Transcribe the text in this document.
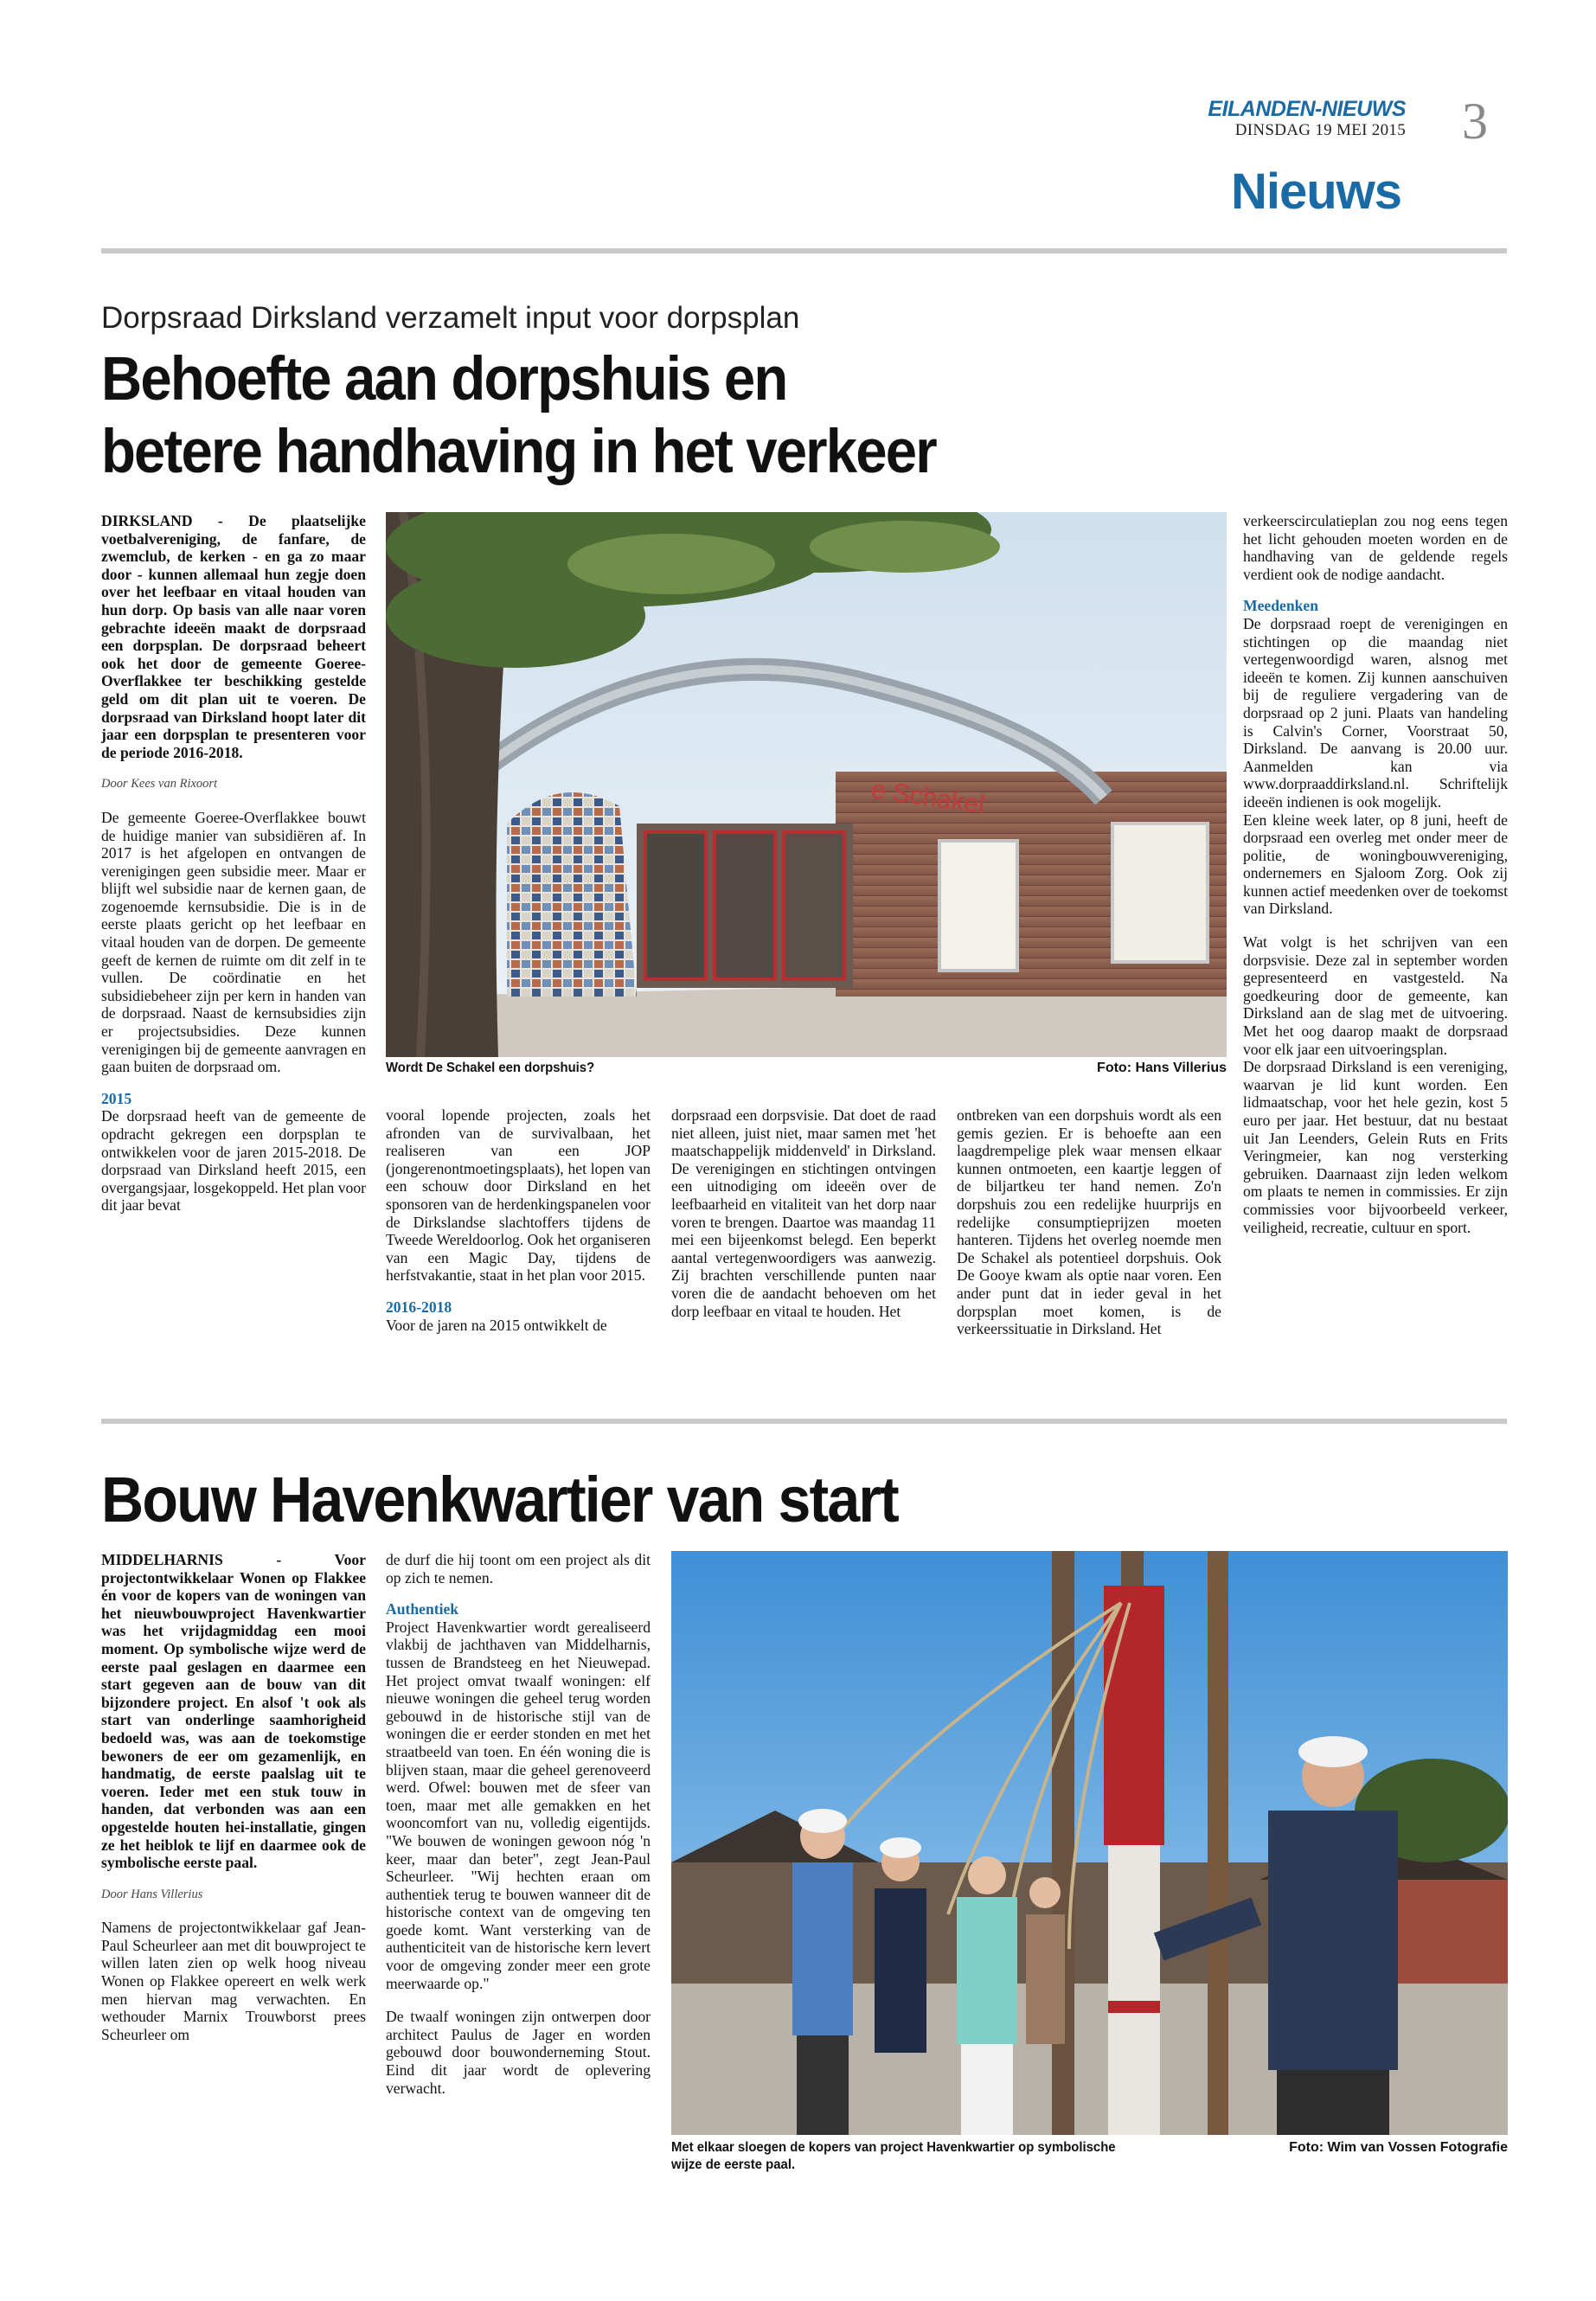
EILANDEN-NIEUWS
DINSDAG 19 MEI 2015 3
Nieuws
Dorpsraad Dirksland verzamelt input voor dorpsplan
Behoefte aan dorpshuis en
betere handhaving in het verkeer

DIRKSLAND - De plaatselijke voetbalvereniging, de fanfare, de zwemclub, de kerken - en ga zo maar door - kunnen allemaal hun zegje doen over het leefbaar en vitaal houden van hun dorp. Op basis van alle naar voren gebrachte ideeën maakt de dorpsraad een dorpsplan. De dorpsraad beheert ook het door de gemeente Goeree-Overflakkee ter beschikking gestelde geld om dit plan uit te voeren. De dorpsraad van Dirksland hoopt later dit jaar een dorpsplan te presenteren voor de periode 2016-2018.

Door Kees van Rixoort

De gemeente Goeree-Overflakkee bouwt de huidige manier van subsidiëren af. In 2017 is het afgelopen en ontvangen de verenigingen geen subsidie meer. Maar er blijft wel subsidie naar de kernen gaan, de zogenoemde kernsubsidie. Die is in de eerste plaats gericht op het leefbaar en vitaal houden van de dorpen. De gemeente geeft de kernen de ruimte om dit zelf in te vullen. De coördinatie en het subsidiebeheer zijn per kern in handen van de dorpsraad. Naast de kernsubsidies zijn er projectsubsidies. Deze kunnen verenigingen bij de gemeente aanvragen en gaan buiten de dorpsraad om.

2015

De dorpsraad heeft van de gemeente de opdracht gekregen een dorpsplan te ontwikkelen voor de jaren 2015-2018. De dorpsraad van Dirksland heeft 2015, een overgangsjaar, losgekoppeld. Het plan voor dit jaar bevat

e Schakel
Wordt De Schakel een dorpshuis?	Foto: Hans Villerius

vooral lopende projecten, zoals het afronden van de survivalbaan, het realiseren van een JOP (jongerenontmoetingsplaats), het lopen van een schouw door Dirksland en het sponsoren van de herdenkingspanelen voor de Dirkslandse slachtoffers tijdens de Tweede Wereldoorlog. Ook het organiseren van een Magic Day, tijdens de herfstvakantie, staat in het plan voor 2015.

2016-2018

Voor de jaren na 2015 ontwikkelt de

dorpsraad een dorpsvisie. Dat doet de raad niet alleen, juist niet, maar samen met 'het maatschappelijk middenveld' in Dirksland. De verenigingen en stichtingen ontvingen een uitnodiging om ideeën over de leefbaarheid en vitaliteit van het dorp naar voren te brengen. Daartoe was maandag 11 mei een bijeenkomst belegd. Een beperkt aantal vertegenwoordigers was aanwezig. Zij brachten verschillende punten naar voren die de aandacht behoeven om het dorp leefbaar en vitaal te houden. Het

ontbreken van een dorpshuis wordt als een gemis gezien. Er is behoefte aan een laagdrempelige plek waar mensen elkaar kunnen ontmoeten, een kaartje leggen of de biljartkeu ter hand nemen. Zo'n dorpshuis zou een redelijke huurprijs en redelijke consumptieprijzen moeten hanteren. Tijdens het overleg noemde men De Schakel als potentieel dorpshuis. Ook De Gooye kwam als optie naar voren. Een ander punt dat in ieder geval in het dorpsplan moet komen, is de verkeerssituatie in Dirksland. Het

verkeerscirculatieplan zou nog eens tegen het licht gehouden moeten worden en de handhaving van de geldende regels verdient ook de nodige aandacht.

Meedenken

De dorpsraad roept de verenigingen en stichtingen op die maandag niet vertegenwoordigd waren, alsnog met ideeën te komen. Zij kunnen aanschuiven bij de reguliere vergadering van de dorpsraad op 2 juni. Plaats van handeling is Calvin's Corner, Voorstraat 50, Dirksland. De aanvang is 20.00 uur. Aanmelden kan via www.dorpraaddirksland.nl. Schriftelijk ideeën indienen is ook mogelijk.

Een kleine week later, op 8 juni, heeft de dorpsraad een overleg met onder meer de politie, de woningbouwvereniging, ondernemers en Sjaloom Zorg. Ook zij kunnen actief meedenken over de toekomst van Dirksland.

Wat volgt is het schrijven van een dorpsvisie. Deze zal in september worden gepresenteerd en vastgesteld. Na goedkeuring door de gemeente, kan Dirksland aan de slag met de uitvoering. Met het oog daarop maakt de dorpsraad voor elk jaar een uitvoeringsplan.

De dorpsraad Dirksland is een vereniging, waarvan je lid kunt worden. Een lidmaatschap, voor het hele gezin, kost 5 euro per jaar. Het bestuur, dat nu bestaat uit Jan Leenders, Gelein Ruts en Frits Veringmeier, kan nog versterking gebruiken. Daarnaast zijn leden welkom om plaats te nemen in commissies. Er zijn commissies voor bijvoorbeeld verkeer, veiligheid, recreatie, cultuur en sport.

Bouw Havenkwartier van start

MIDDELHARNIS - Voor projectontwikkelaar Wonen op Flakkee én voor de kopers van de woningen van het nieuwbouwproject Havenkwartier was het vrijdagmiddag een mooi moment. Op symbolische wijze werd de eerste paal geslagen en daarmee een start gegeven aan de bouw van dit bijzondere project. En alsof 't ook als start van onderlinge saamhorigheid bedoeld was, was aan de toekomstige bewoners de eer om gezamenlijk, en handmatig, de eerste paalslag uit te voeren. Ieder met een stuk touw in handen, dat verbonden was aan een opgestelde houten hei-installatie, gingen ze het heiblok te lijf en daarmee ook de symbolische eerste paal.

Door Hans Villerius

Namens de projectontwikkelaar gaf Jean-Paul Scheurleer aan met dit bouwproject te willen laten zien op welk hoog niveau Wonen op Flakkee opereert en welk werk men hiervan mag verwachten. En wethouder Marnix Trouwborst prees Scheurleer om

de durf die hij toont om een project als dit op zich te nemen.

Authentiek

Project Havenkwartier wordt gerealiseerd vlakbij de jachthaven van Middelharnis, tussen de Brandsteeg en het Nieuwepad. Het project omvat twaalf woningen: elf nieuwe woningen die geheel terug worden gebouwd in de historische stijl van de woningen die er eerder stonden en met het straatbeeld van toen. En één woning die is blijven staan, maar die geheel gerenoveerd werd. Ofwel: bouwen met de sfeer van toen, maar met alle gemakken en het wooncomfort van nu, volledig eigentijds. "We bouwen de woningen gewoon nóg 'n keer, maar dan beter", zegt Jean-Paul Scheurleer. "Wij hechten eraan om authentiek terug te bouwen wanneer dit de historische context van de omgeving ten goede komt. Want versterking van de authenticiteit van de historische kern levert voor de omgeving zonder meer een grote meerwaarde op."

De twaalf woningen zijn ontwerpen door architect Paulus de Jager en worden gebouwd door bouwonderneming Stout. Eind dit jaar wordt de oplevering verwacht.

Met elkaar sloegen de kopers van project Havenkwartier op symbolische wijze de eerste paal.
Foto: Wim van Vossen Fotografie
